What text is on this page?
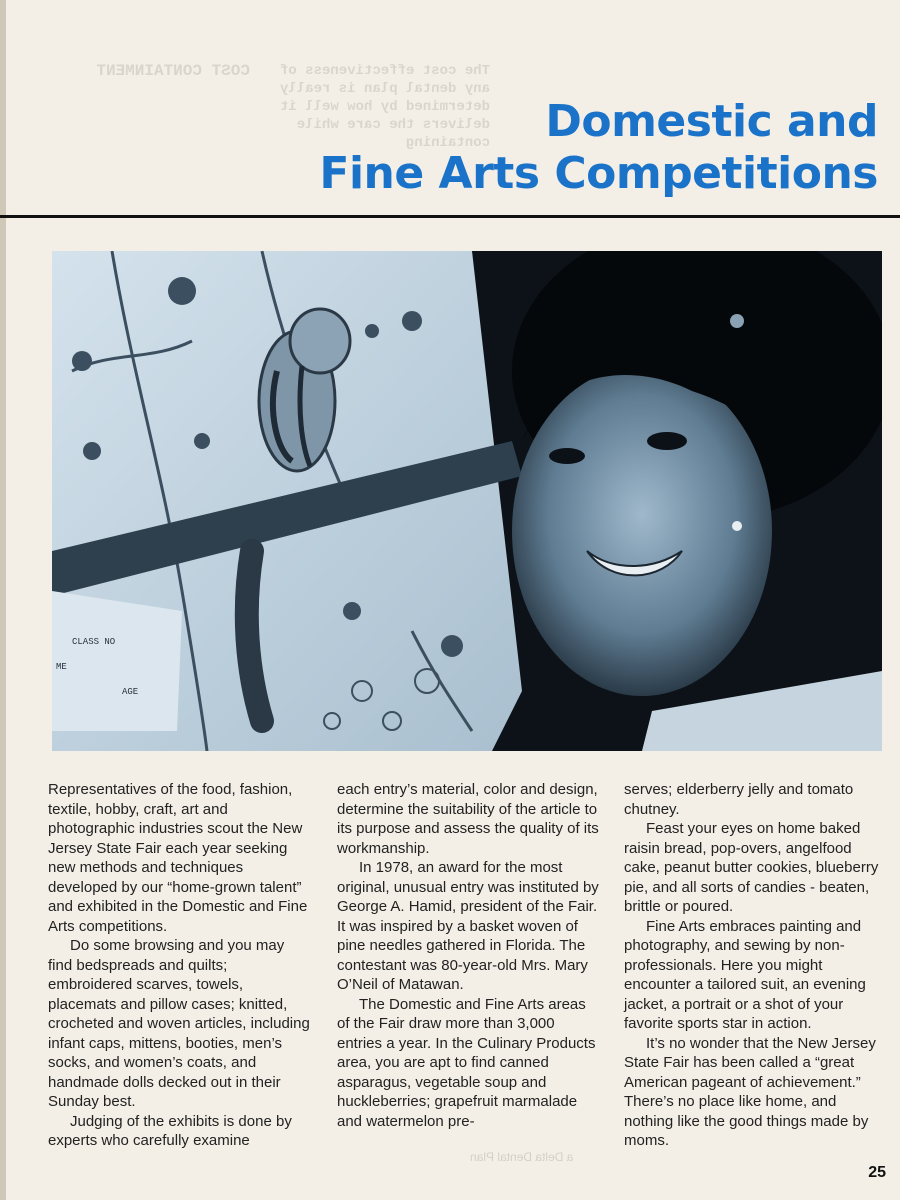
The cost effectiveness of any dental plan is really determined by how well it delivers the care while containing
COST CONTAINMENT
Domestic and
Fine Arts Competitions
CLASS NO
ME
AGE

Representatives of the food, fashion, textile, hobby, craft, art and photographic industries scout the New Jersey State Fair each year seeking new methods and techniques developed by our “home-grown talent” and exhibited in the Domestic and Fine Arts competitions.

Do some browsing and you may find bedspreads and quilts; embroidered scarves, towels, placemats and pillow cases; knitted, crocheted and woven articles, including infant caps, mittens, booties, men’s socks, and women’s coats, and handmade dolls decked out in their Sunday best.

Judging of the exhibits is done by experts who carefully examine

each entry’s material, color and design, determine the suitability of the article to its purpose and assess the quality of its workmanship.

In 1978, an award for the most original, unusual entry was instituted by George A. Hamid, president of the Fair. It was inspired by a basket woven of pine needles gathered in Florida. The contestant was 80-year-old Mrs. Mary O’Neil of Matawan.

The Domestic and Fine Arts areas of the Fair draw more than 3,000 entries a year. In the Culinary Products area, you are apt to find canned asparagus, vegetable soup and huckleberries; grapefruit marmalade and watermelon pre-

serves; elderberry jelly and tomato chutney.

Feast your eyes on home baked raisin bread, pop-overs, angelfood cake, peanut butter cookies, blueberry pie, and all sorts of candies - beaten, brittle or poured.

Fine Arts embraces painting and photography, and sewing by non-professionals. Here you might encounter a tailored suit, an evening jacket, a portrait or a shot of your favorite sports star in action.

It’s no wonder that the New Jersey State Fair has been called a “great American pageant of achievement.” There’s no place like home, and nothing like the good things made by moms.

a Delta Dental Plan
25
